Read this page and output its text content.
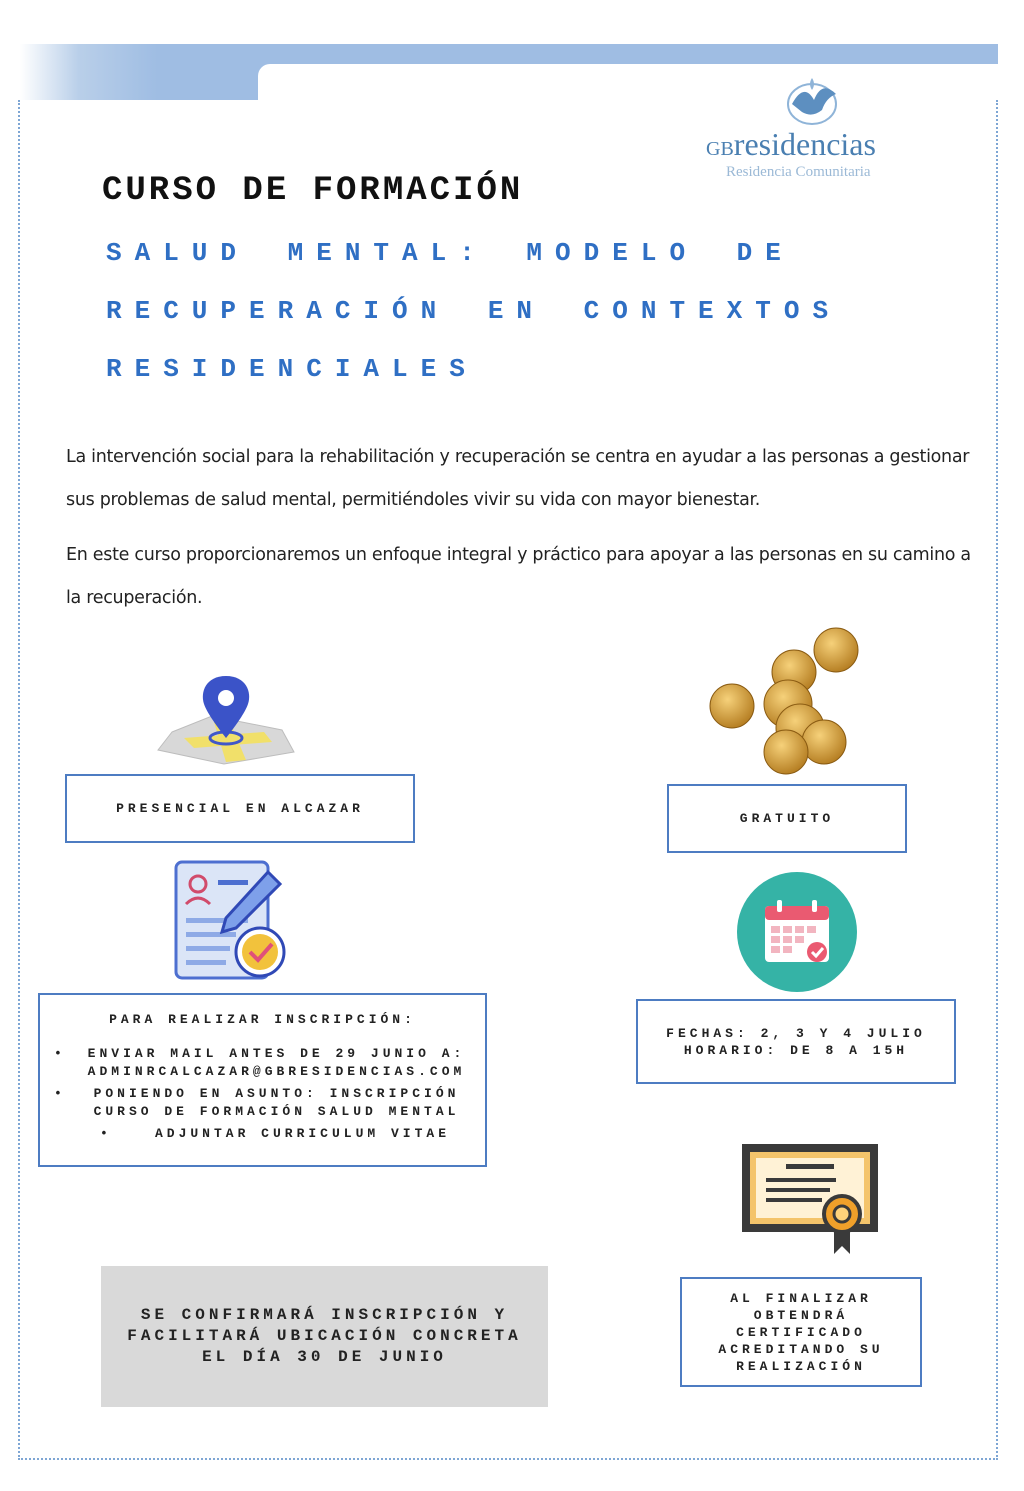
GBresidencias
Residencia Comunitaria
CURSO DE FORMACIÓN
SALUD MENTAL: MODELO DE RECUPERACIÓN EN CONTEXTOS RESIDENCIALES

La intervención social para la rehabilitación y recuperación se centra en ayudar a las personas a gestionar sus problemas de salud mental, permitiéndoles vivir su vida con mayor bienestar.

En este curso proporcionaremos un enfoque integral y práctico para apoyar a las personas en su camino a la recuperación.

PRESENCIAL EN ALCAZAR
GRATUITO
PARA REALIZAR INSCRIPCIÓN:
• ENVIAR MAIL ANTES DE 29 JUNIO A: ADMINRCALCAZAR@GBRESIDENCIAS.COM
• PONIENDO EN ASUNTO: INSCRIPCIÓN CURSO DE FORMACIÓN SALUD MENTAL
• ADJUNTAR CURRICULUM VITAE
FECHAS: 2, 3 Y 4 JULIO
HORARIO: DE 8 A 15H
AL FINALIZAR OBTENDRÁ CERTIFICADO ACREDITANDO SU REALIZACIÓN
SE CONFIRMARÁ INSCRIPCIÓN Y FACILITARÁ UBICACIÓN CONCRETA EL DÍA 30 DE JUNIO
